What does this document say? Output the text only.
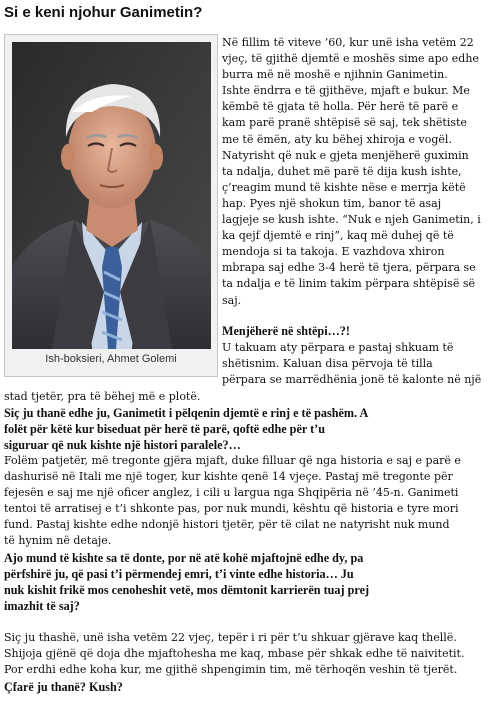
Si e keni njohur Ganimetin?
Ish-boksieri, Ahmet Golemi

Në fillim të viteve ’60, kur unë isha vetëm 22
vjeç, të gjithë djemtë e moshës sime apo edhe
burra më në moshë e njihnin Ganimetin.
Ishte ëndrra e të gjithëve, mjaft e bukur. Me
këmbë të gjata të holla. Për herë të parë e
kam parë pranë shtëpisë së saj, tek shëtiste
me të ëmën, aty ku bëhej xhiroja e vogël.
Natyrisht që nuk e gjeta menjëherë guximin
ta ndalja, duhet më parë të dija kush ishte,
ç’reagim mund të kishte nëse e merrja këtë
hap. Pyes një shokun tim, banor të asaj
lagjeje se kush ishte. “Nuk e njeh Ganimetin, i
ka qejf djemtë e rinj”, kaq më duhej që të
mendoja si ta takoja. E vazhdova xhiron
mbrapa saj edhe 3-4 herë të tjera, përpara se
ta ndalja e të linim takim përpara shtëpisë së
saj.

Menjëherë në shtëpi…?!

U takuam aty përpara e pastaj shkuam të
shëtisnim. Kaluan disa përvoja të tilla
përpara se marrëdhënia jonë të kalonte në një

stad tjetër, pra të bëhej më e plotë.

Siç ju thanë edhe ju, Ganimetit i pëlqenin djemtë e rinj e të pashëm. A
folët për këtë kur biseduat për herë të parë, qoftë edhe për t’u
siguruar që nuk kishte një histori paralele?…

Folëm patjetër, më tregonte gjëra mjaft, duke filluar që nga historia e saj e parë e
dashurisë në Itali me një toger, kur kishte qenë 14 vjeçe. Pastaj më tregonte për
fejesën e saj me një oficer anglez, i cili u largua nga Shqipëria në ’45-n. Ganimeti
tentoi të arratisej e t’i shkonte pas, por nuk mundi, kështu që historia e tyre mori
fund. Pastaj kishte edhe ndonjë histori tjetër, për të cilat ne natyrisht nuk mund
të hynim në detaje.

Ajo mund të kishte sa të donte, por në atë kohë mjaftojnë edhe dy, pa
përfshirë ju, që pasi t’i përmendej emri, t’i vinte edhe historia… Ju
nuk kishit frikë mos cenoheshit vetë, mos dëmtonit karrierën tuaj prej
imazhit të saj?

Siç ju thashë, unë isha vetëm 22 vjeç, tepër i ri për t’u shkuar gjërave kaq thellë.
Shijoja gjënë që doja dhe mjaftohesha me kaq, mbase për shkak edhe të naivitetit.
Por erdhi edhe koha kur, me gjithë shpengimin tim, më tërhoqën veshin të tjerët.

Çfarë ju thanë? Kush?
